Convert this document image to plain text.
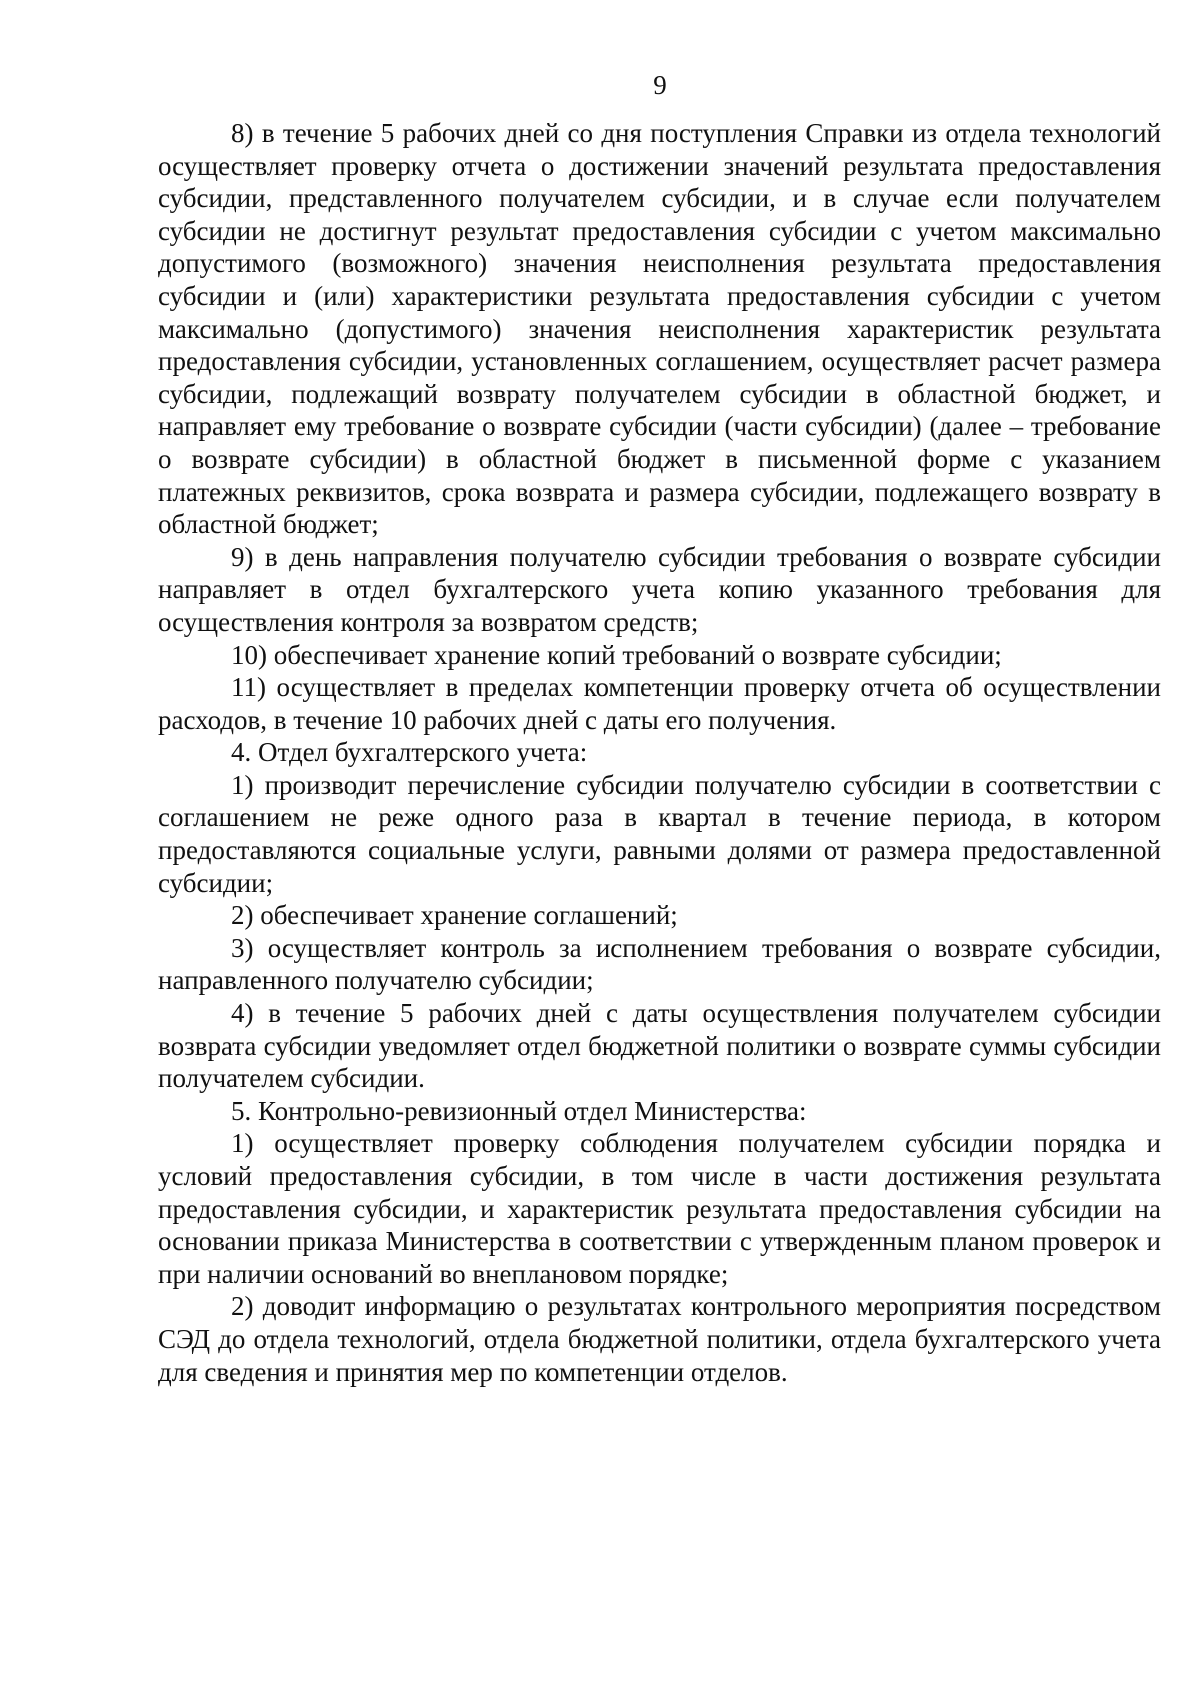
9

8) в течение 5 рабочих дней со дня поступления Справки из отдела технологий осуществляет проверку отчета о достижении значений результата предоставления субсидии, представленного получателем субсидии, и в случае если получателем субсидии не достигнут результат предоставления субсидии с учетом максимально допустимого (возможного) значения неисполнения результата предоставления субсидии и (или) характеристики результата предоставления субсидии с учетом максимально (допустимого) значения неисполнения характеристик результата предоставления субсидии, установленных соглашением, осуществляет расчет размера субсидии, подлежащий возврату получателем субсидии в областной бюджет, и направляет ему требование о возврате субсидии (части субсидии) (далее – требование о возврате субсидии) в областной бюджет в письменной форме с указанием платежных реквизитов, срока возврата и размера субсидии, подлежащего возврату в областной бюджет;

9) в день направления получателю субсидии требования о возврате субсидии направляет в отдел бухгалтерского учета копию указанного требования для осуществления контроля за возвратом средств;

10) обеспечивает хранение копий требований о возврате субсидии;

11) осуществляет в пределах компетенции проверку отчета об осуществлении расходов, в течение 10 рабочих дней с даты его получения.

4. Отдел бухгалтерского учета:

1) производит перечисление субсидии получателю субсидии в соответствии с соглашением не реже одного раза в квартал в течение периода, в котором предоставляются социальные услуги, равными долями от размера предоставленной субсидии;

2) обеспечивает хранение соглашений;

3) осуществляет контроль за исполнением требования о возврате субсидии, направленного получателю субсидии;

4) в течение 5 рабочих дней с даты осуществления получателем субсидии возврата субсидии уведомляет отдел бюджетной политики о возврате суммы субсидии получателем субсидии.

5. Контрольно-ревизионный отдел Министерства:

1) осуществляет проверку соблюдения получателем субсидии порядка и условий предоставления субсидии, в том числе в части достижения результата предоставления субсидии, и характеристик результата предоставления субсидии на основании приказа Министерства в соответствии с утвержденным планом проверок и при наличии оснований во внеплановом порядке;

2) доводит информацию о результатах контрольного мероприятия посредством СЭД до отдела технологий, отдела бюджетной политики, отдела бухгалтерского учета для сведения и принятия мер по компетенции отделов.
